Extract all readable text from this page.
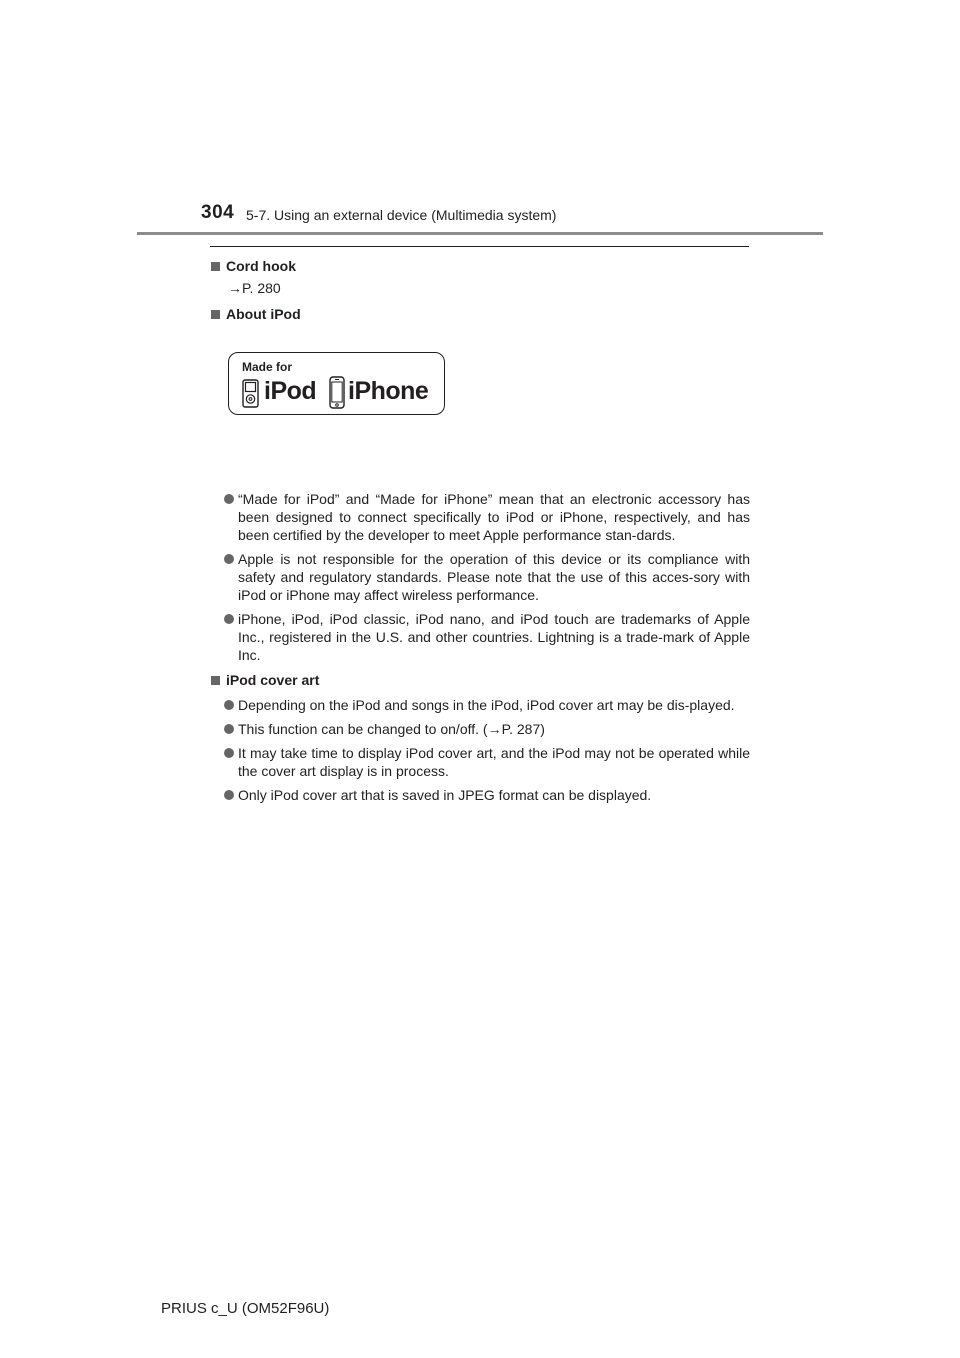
304 5-7. Using an external device (Multimedia system)

Cord hook

→P. 280

About iPod

Made for
iPod iPhone
“Made for iPod” and “Made for iPhone” mean that an electronic accessory has been designed to connect specifically to iPod or iPhone, respectively, and has been certified by the developer to meet Apple performance stan-dards.
Apple is not responsible for the operation of this device or its compliance with safety and regulatory standards. Please note that the use of this acces-sory with iPod or iPhone may affect wireless performance.
iPhone, iPod, iPod classic, iPod nano, and iPod touch are trademarks of Apple Inc., registered in the U.S. and other countries. Lightning is a trade-mark of Apple Inc.

iPod cover art

Depending on the iPod and songs in the iPod, iPod cover art may be dis-played.
This function can be changed to on/off. (→P. 287)
It may take time to display iPod cover art, and the iPod may not be operated while the cover art display is in process.
Only iPod cover art that is saved in JPEG format can be displayed.
PRIUS c_U (OM52F96U)
